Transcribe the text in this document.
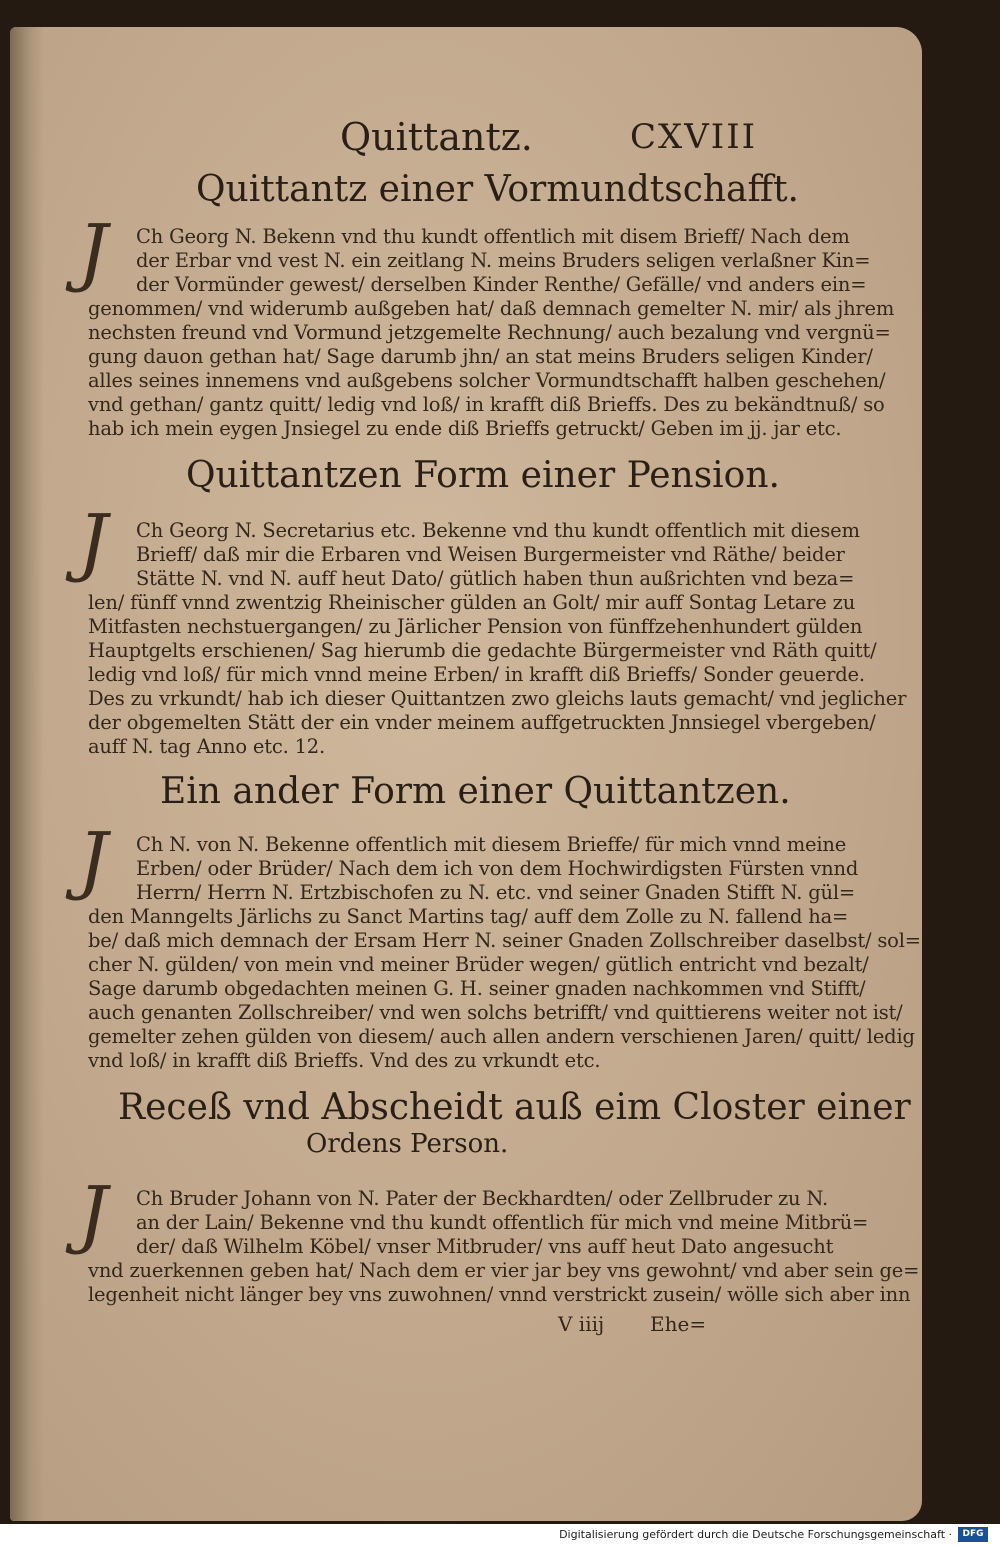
Quittantz.	CXVIII
Quittantz einer Vormundtschafft.
J Ch Georg N. Bekenn vnd thu kundt offentlich mit disem Brieff/ Nach dem
der Erbar vnd vest N. ein zeitlang N. meins Bruders seligen verlaßner Kin=
der Vormünder gewest/ derselben Kinder Renthe/ Gefälle/ vnd anders ein=
genommen/ vnd widerumb außgeben hat/ daß demnach gemelter N. mir/ als jhrem
nechsten freund vnd Vormund jetzgemelte Rechnung/ auch bezalung vnd vergnü=
gung dauon gethan hat/ Sage darumb jhn/ an stat meins Bruders seligen Kinder/
alles seines innemens vnd außgebens solcher Vormundtschafft halben geschehen/
vnd gethan/ gantz quitt/ ledig vnd loß/ in krafft diß Brieffs. Des zu bekändtnuß/ so
hab ich mein eygen Jnsiegel zu ende diß Brieffs getruckt/ Geben im jj. jar etc.
Quittantzen Form einer Pension.
J Ch Georg N. Secretarius etc. Bekenne vnd thu kundt offentlich mit diesem
Brieff/ daß mir die Erbaren vnd Weisen Burgermeister vnd Räthe/ beider
Stätte N. vnd N. auff heut Dato/ gütlich haben thun außrichten vnd beza=
len/ fünff vnnd zwentzig Rheinischer gülden an Golt/ mir auff Sontag Letare zu
Mitfasten nechstuergangen/ zu Järlicher Pension von fünffzehenhundert gülden
Hauptgelts erschienen/ Sag hierumb die gedachte Bürgermeister vnd Räth quitt/
ledig vnd loß/ für mich vnnd meine Erben/ in krafft diß Brieffs/ Sonder geuerde.
Des zu vrkundt/ hab ich dieser Quittantzen zwo gleichs lauts gemacht/ vnd jeglicher
der obgemelten Stätt der ein vnder meinem auffgetruckten Jnnsiegel vbergeben/
auff N. tag Anno etc. 12.
Ein ander Form einer Quittantzen.
J Ch N. von N. Bekenne offentlich mit diesem Brieffe/ für mich vnnd meine
Erben/ oder Brüder/ Nach dem ich von dem Hochwirdigsten Fürsten vnnd
Herrn/ Herrn N. Ertzbischofen zu N. etc. vnd seiner Gnaden Stifft N. gül=
den Manngelts Järlichs zu Sanct Martins tag/ auff dem Zolle zu N. fallend ha=
be/ daß mich demnach der Ersam Herr N. seiner Gnaden Zollschreiber daselbst/ sol=
cher N. gülden/ von mein vnd meiner Brüder wegen/ gütlich entricht vnd bezalt/
Sage darumb obgedachten meinen G. H. seiner gnaden nachkommen vnd Stifft/
auch genanten Zollschreiber/ vnd wen solchs betrifft/ vnd quittierens weiter not ist/
gemelter zehen gülden von diesem/ auch allen andern verschienen Jaren/ quitt/ ledig
vnd loß/ in krafft diß Brieffs. Vnd des zu vrkundt etc.
Receß vnd Abscheidt auß eim Closter einer
Ordens Person.
J Ch Bruder Johann von N. Pater der Beckhardten/ oder Zellbruder zu N.
an der Lain/ Bekenne vnd thu kundt offentlich für mich vnd meine Mitbrü=
der/ daß Wilhelm Köbel/ vnser Mitbruder/ vns auff heut Dato angesucht
vnd zuerkennen geben hat/ Nach dem er vier jar bey vns gewohnt/ vnd aber sein ge=
legenheit nicht länger bey vns zuwohnen/ vnnd verstrickt zusein/ wölle sich aber inn
V iiij Ehe=
Digitalisierung gefördert durch die Deutsche Forschungsgemeinschaft ·	DFG
